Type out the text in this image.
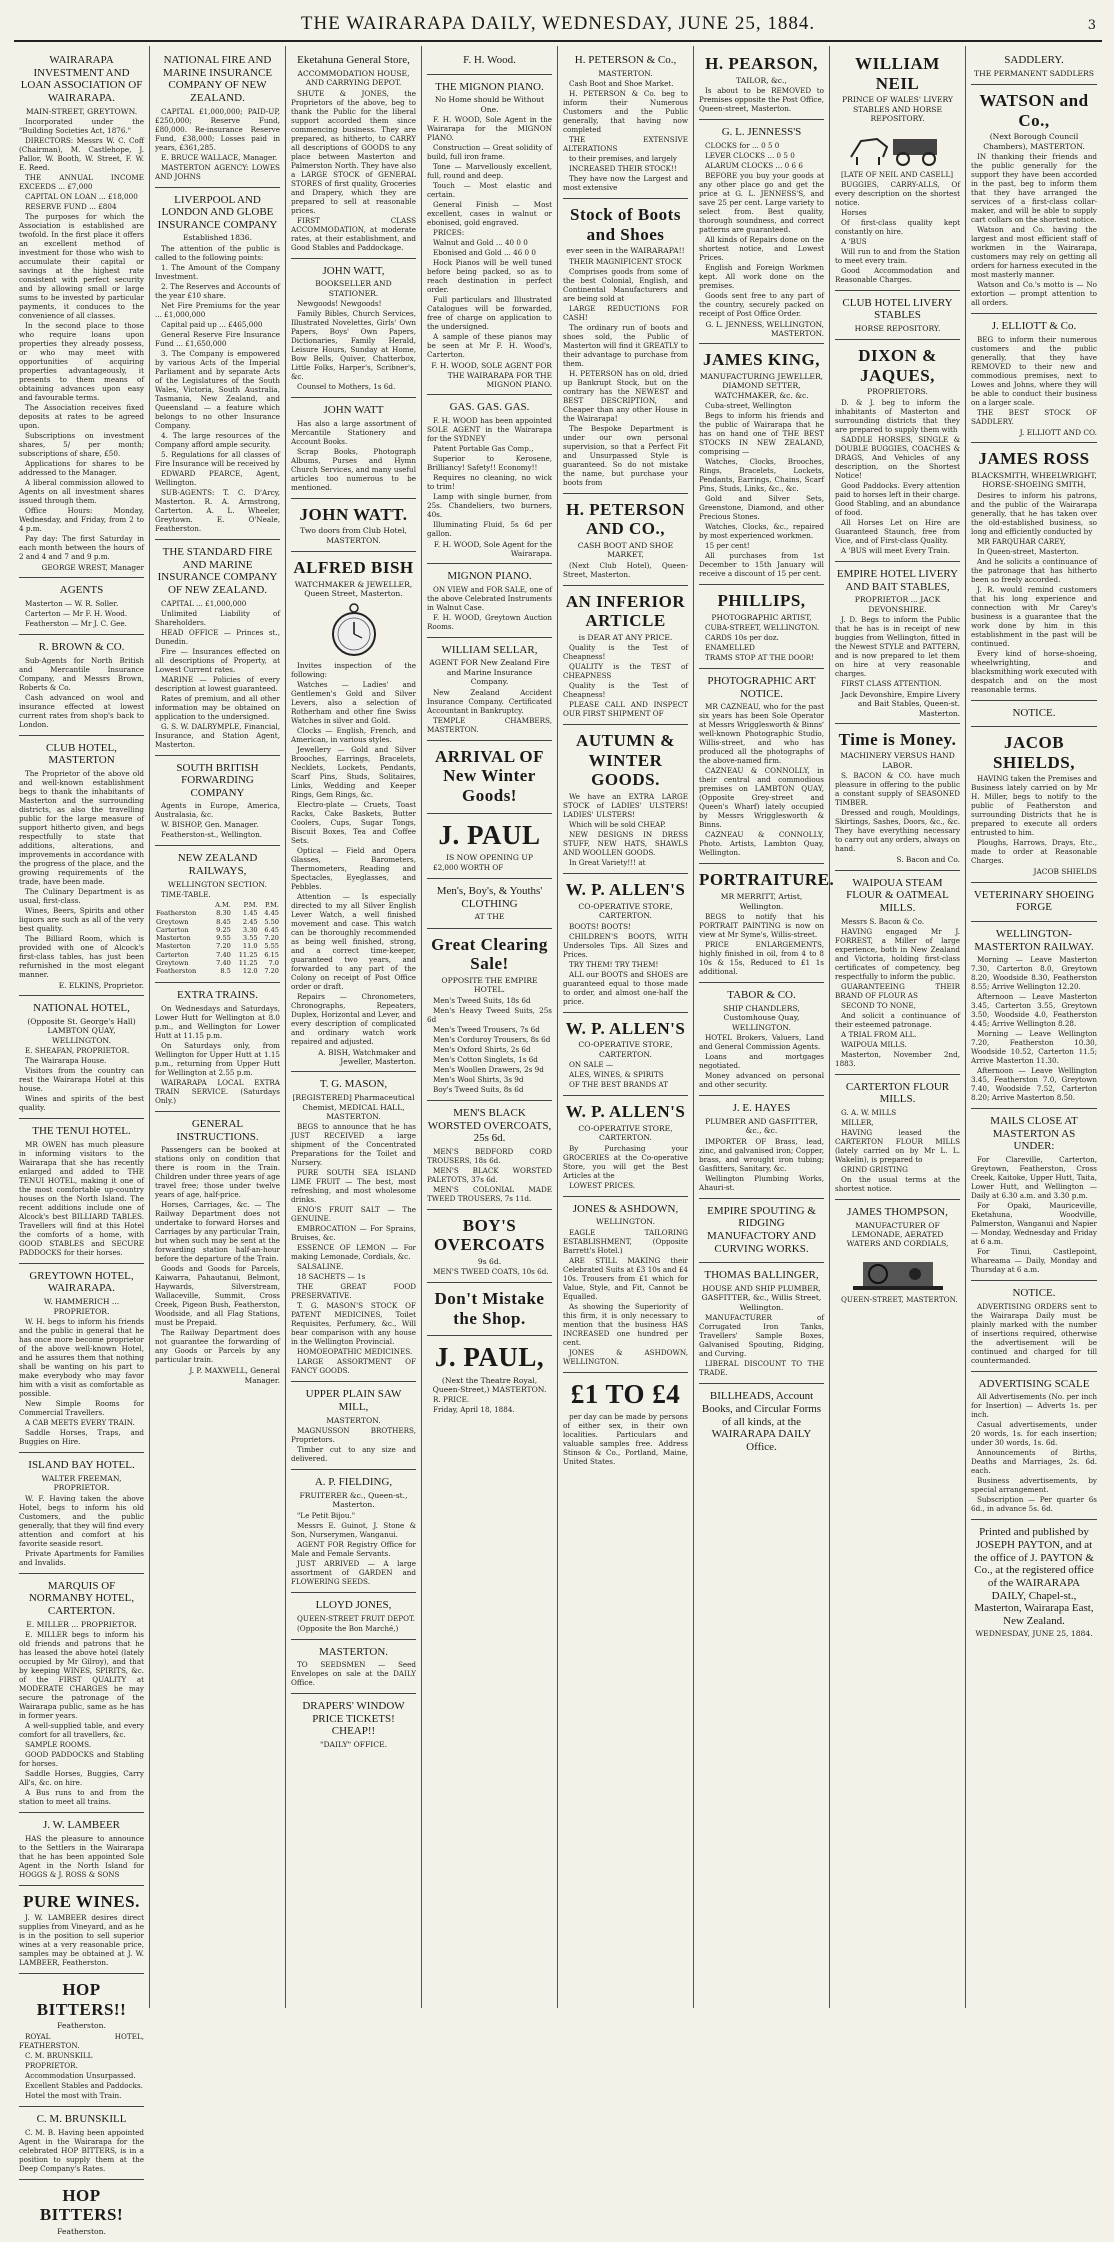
THE WAIRARAPA DAILY, WEDNESDAY, JUNE 25, 1884.	3
WAIRARAPA INVESTMENT AND LOAN ASSOCIATION OF WAIRARAPA.
MAIN-STREET, GREYTOWN.

Incorporated under the "Building Societies Act, 1876."

DIRECTORS: Messrs W. C. Coff (Chairman), M. Castlehope, J. Pallor, W. Booth, W. Street, F. W. E. Reed.

THE ANNUAL INCOME EXCEEDS ... £7,000

CAPITAL ON LOAN ... £18,000

RESERVE FUND ... £804

The purposes for which the Association is established are twofold. In the first place it offers an excellent method of investment for those who wish to accumulate their capital or savings at the highest rate consistent with perfect security and by allowing small or large sums to be invested by particular payments, it conduces to the convenience of all classes.

In the second place to those who require loans upon properties they already possess, or who may meet with opportunities of acquiring properties advantageously, it presents to them means of obtaining advances upon easy and favourable terms.

The Association receives fixed deposits at rates to be agreed upon.

Subscriptions on investment shares, 5/ per month; subscriptions of share, £50.

Applications for shares to be addressed to the Manager.

A liberal commission allowed to Agents on all investment shares issued through them.

Office Hours: Monday, Wednesday, and Friday, from 2 to 4 p.m.

Pay day: The first Saturday in each month between the hours of 2 and 4 and 7 and 9 p.m.

GEORGE WREST, Manager
AGENTS

Masterton — W. R. Soller.

Carterton — Mr F. H. Wood.

Featherston — Mr J. C. Gee.

R. BROWN & CO.

Sub-Agents for North British and Mercantile Insurance Company, and Messrs Brown, Roberts & Co.

Cash advanced on wool and insurance effected at lowest current rates from shop's back to London.

CLUB HOTEL, MASTERTON

The Proprietor of the above old and well-known establishment begs to thank the inhabitants of Masterton and the surrounding districts, as also the travelling public for the large measure of support hitherto given, and begs respectfully to state that additions, alterations, and improvements in accordance with the progress of the place, and the growing requirements of the trade, have been made.

The Culinary Department is as usual, first-class.

Wines, Beers, Spirits and other liquors are such as all of the very best quality.

The Billiard Room, which is provided with one of Alcock's first-class tables, has just been refurnished in the most elegant manner.

E. ELKINS, Proprietor.
NATIONAL HOTEL,
(Opposite St. George's Hall) LAMBTON QUAY, WELLINGTON.

E. SHEAFAN, PROPRIETOR.

The Wairarapa House.

Visitors from the country can rest the Wairarapa Hotel at this house.

Wines and spirits of the best quality.

THE TENUI HOTEL.

MR OWEN has much pleasure in informing visitors to the Wairarapa that she has recently enlarged and added to THE TENUI HOTEL, making it one of the most comfortable up-country houses on the North Island. The recent additions include one of Alcock's best BILLIARD TABLES. Travellers will find at this Hotel the comforts of a home, with GOOD STABLES and SECURE PADDOCKS for their horses.

GREYTOWN HOTEL, WAIRARAPA.
W. HAMMERICH ... PROPRIETOR.

W. H. begs to inform his friends and the public in general that he has once more become proprietor of the above well-known Hotel, and he assures them that nothing shall be wanting on his part to make everybody who may favor him with a visit as comfortable as possible.

New Simple Rooms for Commercial Travellers.

A CAB MEETS EVERY TRAIN.

Saddle Horses, Traps, and Buggies on Hire.

ISLAND BAY HOTEL.
WALTER FREEMAN, PROPRIETOR.

W. F. Having taken the above Hotel, begs to inform his old Customers, and the public generally, that they will find every attention and comfort at his favorite seaside resort.

Private Apartments for Families and Invalids.

MARQUIS OF NORMANBY HOTEL, CARTERTON.
E. MILLER ... PROPRIETOR.

E. MILLER begs to inform his old friends and patrons that he has leased the above hotel (lately occupied by Mr Gilroy), and that by keeping WINES, SPIRITS, &c. of the FIRST QUALITY at MODERATE CHARGES he may secure the patronage of the Wairarapa public, same as he has in former years.

A well-supplied table, and every comfort for all travellers, &c.

SAMPLE ROOMS.

GOOD PADDOCKS and Stabling for horses.

Saddle Horses, Buggies, Carry All's, &c. on hire.

A Bus runs to and from the station to meet all trains.

J. W. LAMBEER

HAS the pleasure to announce to the Settlers in the Wairarapa that he has been appointed Sole Agent in the North Island for HOGGS & J. ROSS & SONS

PURE WINES.

J. W. LAMBEER desires direct supplies from Vineyard, and as he is in the position to sell superior wines at a very reasonable price, samples may be obtained at J. W. LAMBEER, Featherston.

HOP BITTERS!!
Featherston.

ROYAL HOTEL, FEATHERSTON.

C. M. BRUNSKILL

PROPRIETOR.

Accommodation Unsurpassed.

Excellent Stables and Paddocks.

Hotel the most with Train.

C. M. BRUNSKILL

C. M. B. Having been appointed Agent in the Wairarapa for the celebrated HOP BITTERS, is in a position to supply them at the Deep Company's Rates.

HOP BITTERS!
Featherston.
NATIONAL FIRE AND MARINE INSURANCE COMPANY OF NEW ZEALAND.

CAPITAL £1,000,000; PAID-UP, £250,000; Reserve Fund, £80,000. Re-insurance Reserve Fund, £38,000; Losses paid in years, £361,285.

E. BRUCE WALLACE, Manager.

MASTERTON AGENCY: LOWES AND JOHNS

LIVERPOOL AND LONDON AND GLOBE INSURANCE COMPANY
Established 1836.

The attention of the public is called to the following points:

1. The Amount of the Company Investment.

2. The Reserves and Accounts of the year £10 share.

Net Fire Premiums for the year ... £1,000,000

Capital paid up ... £465,000

General Reserve Fire Insurance Fund ... £1,650,000

3. The Company is empowered by various Acts of the Imperial Parliament and by separate Acts of the Legislatures of the South Wales, Victoria, South Australia, Tasmania, New Zealand, and Queensland — a feature which belongs to no other Insurance Company.

4. The large resources of the Company afford ample security.

5. Regulations for all classes of Fire Insurance will be received by

EDWARD PEARCE, Agent, Wellington.

SUB-AGENTS: T. C. D'Arcy, Masterton. R. A. Armstrong, Carterton. A. L. Wheeler, Greytown. E. O'Neale, Featherston.

THE STANDARD FIRE AND MARINE INSURANCE COMPANY OF NEW ZEALAND.

CAPITAL ... £1,000,000

Unlimited Liability of Shareholders.

HEAD OFFICE — Princes st., Dunedin.

Fire — Insurances effected on all descriptions of Property, at Lowest Current rates.

MARINE — Policies of every description at lowest guaranteed.

Rates of premium, and all other information may be obtained on application to the undersigned.

G. S. W. DALRYMPLE, Financial, Insurance, and Station Agent, Masterton.

SOUTH BRITISH FORWARDING COMPANY

Agents in Europe, America, Australasia, &c.

W. BISHOP, Gen. Manager.

Featherston-st., Wellington.

NEW ZEALAND RAILWAYS,
WELLINGTON SECTION.

TIME-TABLE.

	A.M.	P.M.	P.M.
Featherston	8.30	1.45	4.45
Greytown	8.45	2.45	5.50
Carterton	9.25	3.30	6.45
Masterton	9.55	3.55	7.20
Masterton	7.20	11.0	5.55
Carterton	7.40	11.25	6.15
Greytown	7.40	11.25	7.0
Featherston	8.5	12.0	7.20
EXTRA TRAINS.

On Wednesdays and Saturdays, Lower Hutt for Wellington at 8.0 p.m., and Wellington for Lower Hutt at 11.15 p.m.

On Saturdays only, from Wellington for Upper Hutt at 1.15 p.m., returning from Upper Hutt for Wellington at 2.55 p.m.

WAIRARAPA LOCAL EXTRA TRAIN SERVICE. (Saturdays Only.)

GENERAL INSTRUCTIONS.

Passengers can be booked at stations only on condition that there is room in the Train. Children under three years of age travel free; those under twelve years of age, half-price.

Horses, Carriages, &c. — The Railway Department does not undertake to forward Horses and Carriages by any particular Train, but when such may be sent at the forwarding station half-an-hour before the departure of the Train.

Goods and Goods for Parcels, Kaiwarra, Pahautanui, Belmont, Haywards, Silverstream, Wallaceville, Summit, Cross Creek, Pigeon Bush, Featherston, Woodside, and all Flag Stations, must be Prepaid.

The Railway Department does not guarantee the forwarding of any Goods or Parcels by any particular train.

J. P. MAXWELL, General Manager.
Eketahuna General Store,
ACCOMMODATION HOUSE, AND CARRYING DEPOT.

SHUTE & JONES, the Proprietors of the above, beg to thank the Public for the liberal support accorded them since commencing business. They are prepared, as hitherto, to CARRY all descriptions of GOODS to any place between Masterton and Palmerston North. They have also a LARGE STOCK of GENERAL STORES of first quality, Groceries and Drapery, which they are prepared to sell at reasonable prices.

FIRST CLASS ACCOMMODATION, at moderate rates, at their establishment, and Good Stables and Paddockage.

JOHN WATT,
BOOKSELLER AND STATIONER.

Newgoods! Newgoods!

Family Bibles, Church Services, Illustrated Novelettes, Girls' Own Papers, Boys' Own Papers, Dictionaries, Family Herald, Leisure Hours, Sunday at Home, Bow Bells, Quiver, Chatterbox, Little Folks, Harper's, Scribner's, &c.

Counsel to Mothers, 1s 6d.

JOHN WATT

Has also a large assortment of Mercantile Stationery and Account Books.

Scrap Books, Photograph Albums, Purses and Hymn Church Services, and many useful articles too numerous to be mentioned.

JOHN WATT.
Two doors from Club Hotel, MASTERTON.
ALFRED BISH
WATCHMAKER & JEWELLER, Queen Street, Masterton.

Invites inspection of the following:

Watches — Ladies' and Gentlemen's Gold and Silver Levers, also a selection of Rotherham and other fine Swiss Watches in silver and Gold.

Clocks — English, French, and American, in various styles.

Jewellery — Gold and Silver Brooches, Earrings, Bracelets, Necklets, Lockets, Pendants, Scarf Pins, Studs, Solitaires, Links, Wedding and Keeper Rings, Gem Rings, &c.

Electro-plate — Cruets, Toast Racks, Cake Baskets, Butter Coolers, Cups, Sugar Tongs, Biscuit Boxes, Tea and Coffee Sets.

Optical — Field and Opera Glasses, Barometers, Thermometers, Reading and Spectacles, Eyeglasses, and Pebbles.

Attention — Is especially directed to my all Silver English Lever Watch, a well finished movement and case. This watch can be thoroughly recommended as being well finished, strong, and a correct time-keeper, guaranteed two years, and forwarded to any part of the Colony on receipt of Post Office order or draft.

Repairs — Chronometers, Chronographs, Repeaters, Duplex, Horizontal and Lever, and every description of complicated and ordinary watch work repaired and adjusted.

A. BISH, Watchmaker and Jeweller, Masterton.
T. G. MASON,
[REGISTERED] Pharmaceutical Chemist, MEDICAL HALL, MASTERTON.

BEGS to announce that he has JUST RECEIVED a large shipment of the Concentrated Preparations for the Toilet and Nursery.

PURE SOUTH SEA ISLAND LIME FRUIT — The best, most refreshing, and most wholesome drinks.

ENO'S FRUIT SALT — The GENUINE.

EMBROCATION — For Sprains, Bruises, &c.

ESSENCE OF LEMON — For making Lemonade, Cordials, &c.

SALSALINE.

18 SACHETS — 1s

THE GREAT FOOD PRESERVATIVE.

T. G. MASON'S STOCK OF PATENT MEDICINES, Toilet Requisites, Perfumery, &c., Will bear comparison with any house in the Wellington Provincial.

HOMOEOPATHIC MEDICINES.

LARGE ASSORTMENT OF FANCY GOODS.

UPPER PLAIN SAW MILL,
MASTERTON.

MAGNUSSON BROTHERS, Proprietors.

Timber cut to any size and delivered.

A. P. FIELDING,
FRUITERER &c., Queen-st., Masterton.

"Le Petit Bijou."

Messrs E. Guinot, J. Stone & Son, Nurserymen, Wanganui.

AGENT FOR Registry Office for Male and Female Servants.

JUST ARRIVED — A large assortment of GARDEN and FLOWERING SEEDS.

LLOYD JONES,

QUEEN-STREET FRUIT DEPOT.

(Opposite the Bon Marché,)

MASTERTON.

TO SEEDSMEN — Seed Envelopes on sale at the DAILY Office.

DRAPERS' WINDOW PRICE TICKETS! CHEAP!!
"DAILY" OFFICE.
F. H. Wood.
THE MIGNON PIANO.
No Home should be Without One.

F. H. WOOD, Sole Agent in the Wairarapa for the MIGNON PIANO.

Construction — Great solidity of build, full iron frame.

Tone — Marvellously excellent, full, round and deep.

Touch — Most elastic and certain.

General Finish — Most excellent, cases in walnut or ebonised, gold engraved.

PRICES:

Walnut and Gold ... 40 0 0

Ebonised and Gold ... 46 0 0

Hock Pianos will be well tuned before being packed, so as to reach destination in perfect order.

Full particulars and Illustrated Catalogues will be forwarded, free of charge on application to the undersigned.

A sample of these pianos may be seen at Mr F. H. Wood's, Carterton.

F. H. WOOD, SOLE AGENT FOR THE WAIRARAPA FOR THE MIGNON PIANO.
GAS. GAS. GAS.

F. H. WOOD has been appointed SOLE AGENT in the Wairarapa for the SYDNEY

Patent Portable Gas Comp.,

Superior to Kerosene, Brilliancy! Safety!! Economy!!

Requires no cleaning, no wick to trim!

Lamp with single burner, from 25s. Chandeliers, two burners, 40s.

Illuminating Fluid, 5s 6d per gallon.

F. H. WOOD, Sole Agent for the Wairarapa.
MIGNON PIANO.

ON VIEW and FOR SALE, one of the above Celebrated Instruments in Walnut Case.

F. H. WOOD, Greytown Auction Rooms.

WILLIAM SELLAR,
AGENT FOR New Zealand Fire and Marine Insurance Company.

New Zealand Accident Insurance Company. Certificated Accountant in Bankruptcy.

TEMPLE CHAMBERS, MASTERTON.

ARRIVAL OF New Winter Goods!
J. PAUL
IS NOW OPENING UP

£2,000 WORTH OF

Men's, Boy's, & Youths' CLOTHING
AT THE
Great Clearing Sale!
OPPOSITE THE EMPIRE HOTEL.

Men's Tweed Suits, 18s 6d

Men's Heavy Tweed Suits, 25s 6d

Men's Tweed Trousers, 7s 6d

Men's Corduroy Trousers, 8s 6d

Men's Oxford Shirts, 2s 6d

Men's Cotton Singlets, 1s 6d

Men's Woollen Drawers, 2s 9d

Men's Wool Shirts, 3s 9d

Boy's Tweed Suits, 8s 6d

MEN'S BLACK WORSTED OVERCOATS, 25s 6d.

MEN'S BEDFORD CORD TROUSERS, 18s 6d.

MEN'S BLACK WORSTED PALETOTS, 37s 6d.

MEN'S COLONIAL MADE TWEED TROUSERS, 7s 11d.

BOY'S OVERCOATS
9s 6d.

MEN'S TWEED COATS, 10s 6d.

Don't Mistake the Shop.
J. PAUL,
(Next the Theatre Royal, Queen-Street,) MASTERTON.

R. PRICE.

Friday, April 18, 1884.

H. PETERSON & Co.,
MASTERTON.

Cash Boot and Shoe Market.

H. PETERSON & Co. beg to inform their Numerous Customers and the Public generally, that having now completed

THE EXTENSIVE ALTERATIONS

to their premises, and largely

INCREASED THEIR STOCK!!

They have now the Largest and most extensive

Stock of Boots and Shoes
ever seen in the WAIRARAPA!!

THEIR MAGNIFICENT STOCK

Comprises goods from some of the best Colonial, English, and Continental Manufacturers and are being sold at

LARGE REDUCTIONS FOR CASH!

The ordinary run of boots and shoes sold, the Public of Masterton will find it GREATLY to their advantage to purchase from them.

H. PETERSON has on old, dried up Bankrupt Stock, but on the contrary has the NEWEST and BEST DESCRIPTION, and Cheaper than any other House in the Wairarapa!

The Bespoke Department is under our own personal supervision, so that a Perfect Fit and Unsurpassed Style is guaranteed. So do not mistake the name, but purchase your boots from

H. PETERSON AND CO.,
CASH BOOT AND SHOE MARKET,

(Next Club Hotel), Queen-Street, Masterton.

AN INFERIOR ARTICLE
is DEAR AT ANY PRICE.

Quality is the Test of Cheapness!

QUALITY is the TEST of CHEAPNESS

Quality is the Test of Cheapness!

PLEASE CALL AND INSPECT OUR FIRST SHIPMENT OF

AUTUMN & WINTER GOODS.

We have an EXTRA LARGE STOCK of LADIES' ULSTERS! LADIES' ULSTERS!

Which will be sold CHEAP.

NEW DESIGNS IN DRESS STUFF, NEW HATS, SHAWLS AND WOOLLEN GOODS.

In Great Variety!!! at

W. P. ALLEN'S
CO-OPERATIVE STORE, CARTERTON.

BOOTS! BOOTS!

CHILDREN'S BOOTS, WITH Undersoles Tips. All Sizes and Prices.

TRY THEM! TRY THEM!

ALL our BOOTS and SHOES are guaranteed equal to those made to order, and almost one-half the price.

W. P. ALLEN'S
CO-OPERATIVE STORE, CARTERTON.

ON SALE —

ALES, WINES, & SPIRITS

OF THE BEST BRANDS AT

W. P. ALLEN'S
CO-OPERATIVE STORE, CARTERTON.

By Purchasing your GROCERIES at the Co-operative Store, you will get the Best Articles at the

LOWEST PRICES.

JONES & ASHDOWN,
WELLINGTON.

EAGLE TAILORING ESTABLISHMENT, (Opposite Barrett's Hotel.)

ARE STILL MAKING their Celebrated Suits at £3 10s and £4 10s. Trousers from £1 which for Value, Style, and Fit, Cannot be Equalled.

As showing the Superiority of this firm, it is only necessary to mention that the business HAS INCREASED one hundred per cent.

JONES & ASHDOWN, WELLINGTON.

£1 TO £4

per day can be made by persons of either sex, in their own localities. Particulars and valuable samples free. Address Stinson & Co., Portland, Maine, United States.

H. PEARSON,
TAILOR, &c.,

Is about to be REMOVED to Premises opposite the Post Office, Queen-street, Masterton.

G. L. JENNESS'S

CLOCKS for ... 0 5 0

LEVER CLOCKS ... 0 5 0

ALARUM CLOCKS ... 0 6 6

BEFORE you buy your goods at any other place go and get the price at G. L. JENNESS'S, and save 25 per cent. Large variety to select from. Best quality, thorough soundness, and correct patterns are guaranteed.

All kinds of Repairs done on the shortest notice, and Lowest Prices.

English and Foreign Workmen kept. All work done on the premises.

Goods sent free to any part of the country, securely packed on receipt of Post Office Order.

G. L. JENNESS, WELLINGTON, MASTERTON.
JAMES KING,
MANUFACTURING JEWELLER, DIAMOND SETTER, WATCHMAKER, &c. &c.

Cuba-street, Wellington

Begs to inform his friends and the public of Wairarapa that he has on hand one of THE BEST STOCKS IN NEW ZEALAND, comprising —

Watches, Clocks, Brooches, Rings, Bracelets, Lockets, Pendants, Earrings, Chains, Scarf Pins, Studs, Links, &c., &c.

Gold and Silver Sets, Greenstone, Diamond, and other Precious Stones.

Watches, Clocks, &c., repaired by most experienced workmen.

15 per cent!

All purchases from 1st December to 15th January will receive a discount of 15 per cent.

PHILLIPS,
PHOTOGRAPHIC ARTIST,

CUBA-STREET, WELLINGTON.

CARDS 10s per doz.

ENAMELLED

TRAMS STOP AT THE DOOR!

PHOTOGRAPHIC ART NOTICE.

MR CAZNEAU, who for the past six years has been Sole Operator at Messrs Wrigglesworth & Binns' well-known Photographic Studio, Willis-street, and who has produced all the photographs of the above-named firm.

CAZNEAU & CONNOLLY, in their central and commodious premises on LAMBTON QUAY, (Opposite Grey-street and Queen's Wharf) lately occupied by Messrs Wrigglesworth & Binns.

CAZNEAU & CONNOLLY, Photo. Artists, Lambton Quay, Wellington.

PORTRAITURE.
MR MERRITT, Artist, Wellington.

BEGS to notify that his PORTRAIT PAINTING is now on view at Mr Syme's, Willis-street.

PRICE ENLARGEMENTS, highly finished in oil, from 4 to 8 10s & 15s, Reduced to £1 1s additional.

TABOR & CO.
SHIP CHANDLERS, Customhouse Quay, WELLINGTON.

HOTEL Brokers, Valuers, Land and General Commission Agents.

Loans and mortgages negotiated.

Money advanced on personal and other security.

J. E. HAYES
PLUMBER AND GASFITTER, &c., &c.

IMPORTER OF Brass, lead, zinc, and galvanised iron; Copper, brass, and wrought iron tubing; Gasfitters, Sanitary, &c.

Wellington Plumbing Works, Ahauri-st.

EMPIRE SPOUTING & RIDGING MANUFACTORY AND CURVING WORKS.
THOMAS BALLINGER,
HOUSE AND SHIP PLUMBER, GASFITTER, &c., Willis Street, Wellington.

MANUFACTURER of Corrugated Iron Tanks, Travellers' Sample Boxes, Galvanised Spouting, Ridging, and Curving.

LIBERAL DISCOUNT TO THE TRADE.

BILLHEADS, Account Books, and Circular Forms of all kinds, at the WAIRARAPA DAILY Office.
WILLIAM NEIL
PRINCE OF WALES' LIVERY STABLES AND HORSE REPOSITORY.

[LATE OF NEIL AND CASELL]

BUGGIES, CARRY-ALLS, Of every description on the shortest notice.

Horses

Of first-class quality kept constantly on hire.

A 'BUS

Will run to and from the Station to meet every train.

Good Accommodation and Reasonable Charges.

CLUB HOTEL LIVERY STABLES
HORSE REPOSITORY.
DIXON & JAQUES,
PROPRIETORS.

D. & J. beg to inform the inhabitants of Masterton and surrounding districts that they are prepared to supply them with

SADDLE HORSES, SINGLE & DOUBLE BUGGIES, COACHES & DRAGS, And Vehicles of any description, on the Shortest Notice!

Good Paddocks. Every attention paid to horses left in their charge. Good Stabling, and an abundance of food.

All Horses Let on Hire are Guaranteed Staunch, free from Vice, and of First-class Quality.

A 'BUS will meet Every Train.

EMPIRE HOTEL LIVERY AND BAIT STABLES,
PROPRIETOR ... JACK DEVONSHIRE.

J. D. Begs to inform the Public that he has is in receipt of new buggies from Wellington, fitted in the Newest STYLE and PATTERN, and is now prepared to let them on hire at very reasonable charges.

FIRST CLASS ATTENTION.

Jack Devonshire, Empire Livery and Bait Stables, Queen-st. Masterton.
Time is Money.
MACHINERY VERSUS HAND LABOR.

S. BACON & CO. have much pleasure in offering to the public a constant supply of SEASONED TIMBER.

Dressed and rough, Mouldings, Skirtings, Sashes, Doors, &c., &c. They have everything necessary to carry out any orders, always on hand.

S. Bacon and Co.
WAIPOUA STEAM FLOUR & OATMEAL MILLS.

Messrs S. Bacon & Co.

HAVING engaged Mr J. FORREST, a Miller of large experience, both in New Zealand and Victoria, holding first-class certificates of competency, beg respectfully to inform the public.

GUARANTEEING THEIR BRAND OF FLOUR AS

SECOND TO NONE,

And solicit a continuance of their esteemed patronage.

A TRIAL FROM ALL.

WAIPOUA MILLS.

Masterton, November 2nd, 1883.

CARTERTON FLOUR MILLS.

G. A. W. MILLS

MILLER,

HAVING leased the CARTERTON FLOUR MILLS (lately carried on by Mr L. L. Wakelin), is prepared to

GRIND GRISTING

On the usual terms at the shortest notice.

JAMES THOMPSON,
MANUFACTURER OF LEMONADE, AERATED WATERS AND CORDIALS,

QUEEN-STREET, MASTERTON.

SADDLERY.
THE PERMANENT SADDLERS
WATSON and Co.,
(Next Borough Council Chambers), MASTERTON.

IN thanking their friends and the public generally for the support they have been accorded in the past, beg to inform them that they have arranged the services of a first-class collar-maker, and will be able to supply cart collars on the shortest notice.

Watson and Co. having the largest and most efficient staff of workmen in the Wairarapa, customers may rely on getting all orders for harness executed in the most masterly manner.

Watson and Co.'s motto is — No extortion — prompt attention to all orders.

J. ELLIOTT & Co.

BEG to inform their numerous customers and the public generally, that they have REMOVED to their new and commodious premises, next to Lowes and Johns, where they will be able to conduct their business on a larger scale.

THE BEST STOCK OF SADDLERY.

J. ELLIOTT AND CO.
JAMES ROSS
BLACKSMITH, WHEELWRIGHT, HORSE-SHOEING SMITH,

Desires to inform his patrons, and the public of the Wairarapa generally, that he has taken over the old-established business, so long and efficiently conducted by

MR FARQUHAR CAREY,

In Queen-street, Masterton.

And he solicits a continuance of the patronage that has hitherto been so freely accorded.

J. R. would remind customers that his long experience and connection with Mr Carey's business is a guarantee that the work done by him in this establishment in the past will be continued.

Every kind of horse-shoeing, wheelwrighting, and blacksmithing work executed with despatch and on the most reasonable terms.

NOTICE.
JACOB SHIELDS,

HAVING taken the Premises and Business lately carried on by Mr H. Miller, begs to notify to the public of Featherston and surrounding Districts that he is prepared to execute all orders entrusted to him.

Ploughs, Harrows, Drays, Etc., made to order at Reasonable Charges.

JACOB SHIELDS
VETERINARY SHOEING FORGE
WELLINGTON-MASTERTON RAILWAY.

Morning — Leave Masterton 7.30, Carterton 8.0, Greytown 8.20, Woodside 8.30, Featherston 8.55; Arrive Wellington 12.20.

Afternoon — Leave Masterton 3.45, Carterton 3.55, Greytown 3.50, Woodside 4.0, Featherston 4.45; Arrive Wellington 8.28.

Morning — Leave Wellington 7.20, Featherston 10.30, Woodside 10.52, Carterton 11.5; Arrive Masterton 11.30.

Afternoon — Leave Wellington 3.45, Featherston 7.0, Greytown 7.40, Woodside 7.52, Carterton 8.20; Arrive Masterton 8.50.

MAILS CLOSE AT MASTERTON AS UNDER:

For Clareville, Carterton, Greytown, Featherston, Cross Creek, Kaitoke, Upper Hutt, Taita, Lower Hutt, and Wellington — Daily at 6.30 a.m. and 3.30 p.m.

For Opaki, Mauriceville, Eketahuna, Woodville, Palmerston, Wanganui and Napier — Monday, Wednesday and Friday at 6 a.m.

For Tinui, Castlepoint, Whareama — Daily, Monday and Thursday at 6 a.m.

NOTICE.

ADVERTISING ORDERS sent to the Wairarapa Daily must be plainly marked with the number of insertions required, otherwise the advertisement will be continued and charged for till countermanded.

ADVERTISING SCALE

All Advertisements (No. per inch for Insertion) — Adverts 1s. per inch.

Casual advertisements, under 20 words, 1s. for each insertion; under 30 words, 1s. 6d.

Announcements of Births, Deaths and Marriages, 2s. 6d. each.

Business advertisements, by special arrangement.

Subscription — Per quarter 6s 6d., in advance 5s. 6d.

Printed and published by JOSEPH PAYTON, and at the office of J. PAYTON & Co., at the registered office of the WAIRARAPA DAILY, Chapel-st., Masterton, Wairarapa East, New Zealand.
WEDNESDAY, JUNE 25, 1884.
